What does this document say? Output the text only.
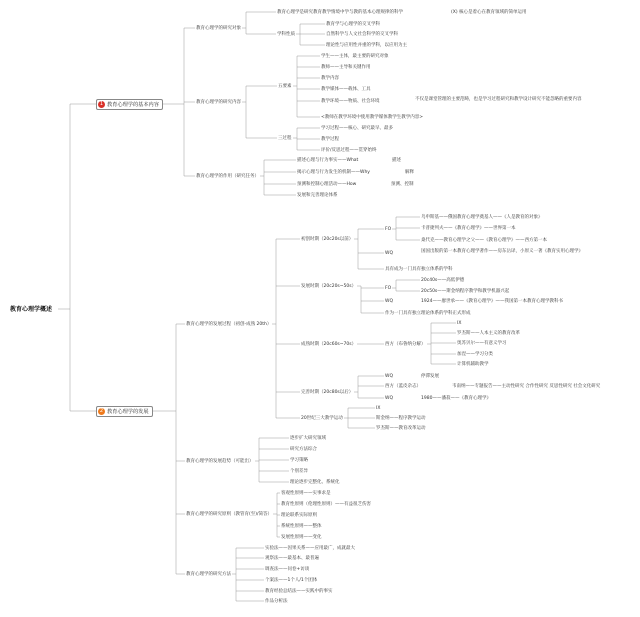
教育心理学概述
1 教育心理学的基本内容
2 教育心理学的发展
教育心理学的研究对象
教育心理学是研究教育教学情境中学与教的基本心理规律的科学	(X) 核心是着心在教育领域的简单运用
学科性质
教育学与心理学的交叉学科
自然科学与人文社会科学的交叉学科
理论性与应用性并重的学科，以应用为主
教育心理学的研究内容
五要素
学生——主体，最主要的研究对象
教师——主导和关键作用
教学内容
教学媒体——载体、工具
教学环境——物质、社会环境	不仅是课堂管理的主要范畴，也是学习过程研究和教学设计研究不能忽略的重要内容
<教师在教学环境中使用教学媒体教学生教学内容>
三过程
学习过程——核心、研究最早、最多
教学过程
评价/反思过程——贯穿始终
教育心理学的作用（研究任务）
描述心理与行为事实——What	描述
揭示心理与行为发生的机制——Why	解释
预测和控制心理活动——How	预测、控制
发展和完善理论体系
教育心理学的发展过程（初创-成熟 20th）
初创时期（20c20s以前）
FO
乌申斯基——俄国教育心理学奠基人——《人是教育的对象》
卡普捷列夫——《教育心理学》——世界第一本
桑代克——教育心理学之父——《教育心理学》——西方第一本
WQ	国国出版的第一本教育心理学著作——房东岳译，小原义一著《教育实用心理学》
具有成为一门具有独立体系的学科
发展时期（20c20s~50s）	FO
20c40s——高低伊德
20c50s——斯金纳程序教学和教学机器兴起
WQ	1924——廖世承——《教育心理学》——我国第一本教育心理学教科书
作为一门具有独立理论体系的学科正式形成
成熟时期（20c60s~70s）	西方（布鲁纳分解）
IX
罗杰斯——人本主义的教育改革
奥苏贝尔——有意义学习
加涅——学习分类
计算机辅助教学
完善时期（20c80s以后）
WQ	停滞发展
西方（蓝皮杂志）	韦南纳——专题报告——主动性研究 合作性研究 反思性研究 社会文化研究
WQ	1980——潘菽——《教育心理学》
20世纪三大教学运动
IX
斯金纳——程序教学运动
罗杰斯——教育改革运动
教育心理学的发展趋势（可能出）
逐步扩大研究领域
研究方法综合
学习策略
个别差异
理论逐步完整化、系统化
教育心理学的研究原则（教管育(至)/简答）
客观性原则——实事求是
教育性原则（伦理性原则）——有益很乏伤害
理论联系实际原则
系统性原则——整体
发展性原则——变化
教育心理学的研究方法
实验法——因果关系——应用最广，成就最大
观察法——最基本、最普遍
调查法——问卷+访谈
个案法——1个人/1个团体
教育经验总结法——实践中的事实
作品分析法
